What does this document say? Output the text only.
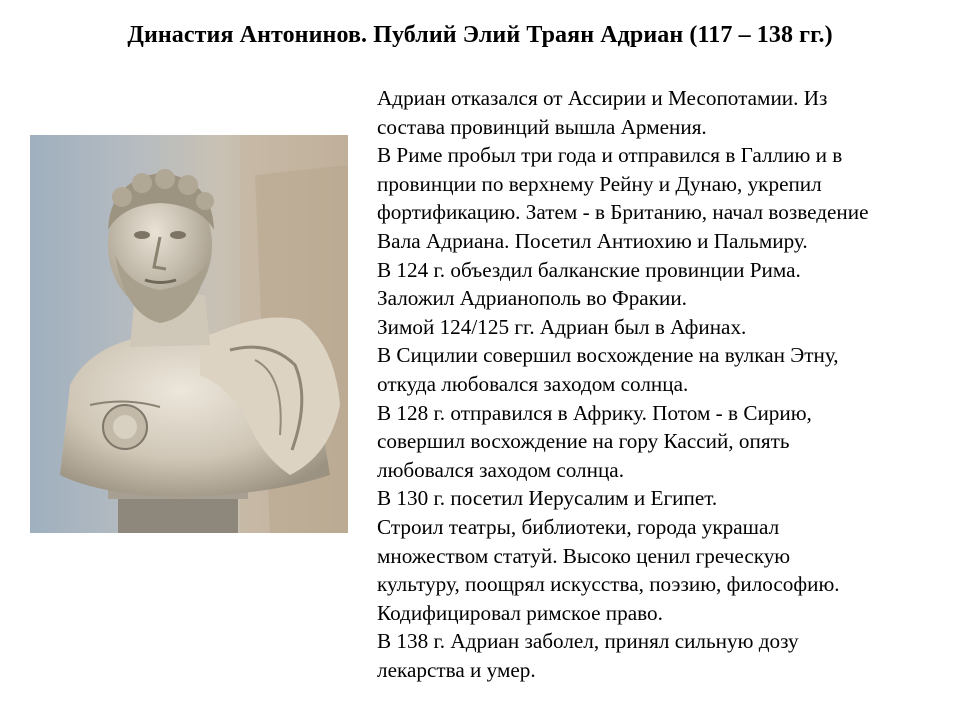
Династия Антонинов. Публий Элий Траян Адриан (117 – 138 гг.)
Адриан отказался от Ассирии и Месопотамии. Из
состава провинций вышла Армения.
В Риме пробыл три года и отправился в Галлию и в
провинции по верхнему Рейну и Дунаю, укрепил
фортификацию. Затем - в Британию, начал возведение
Вала Адриана. Посетил Антиохию и Пальмиру.
В 124 г. объездил балканские провинции Рима.
Заложил Адрианополь во Фракии.
Зимой 124/125 гг. Адриан был в Афинах.
В Сицилии совершил восхождение на вулкан Этну,
откуда любовался заходом солнца.
В 128 г. отправился в Африку. Потом - в Сирию,
совершил восхождение на гору Кассий, опять
любовался заходом солнца.
В 130 г. посетил Иерусалим и Египет.
Строил театры, библиотеки, города украшал
множеством статуй. Высоко ценил греческую
культуру, поощрял искусства, поэзию, философию.
Кодифицировал римское право.
В 138 г. Адриан заболел, принял сильную дозу
лекарства и умер.
